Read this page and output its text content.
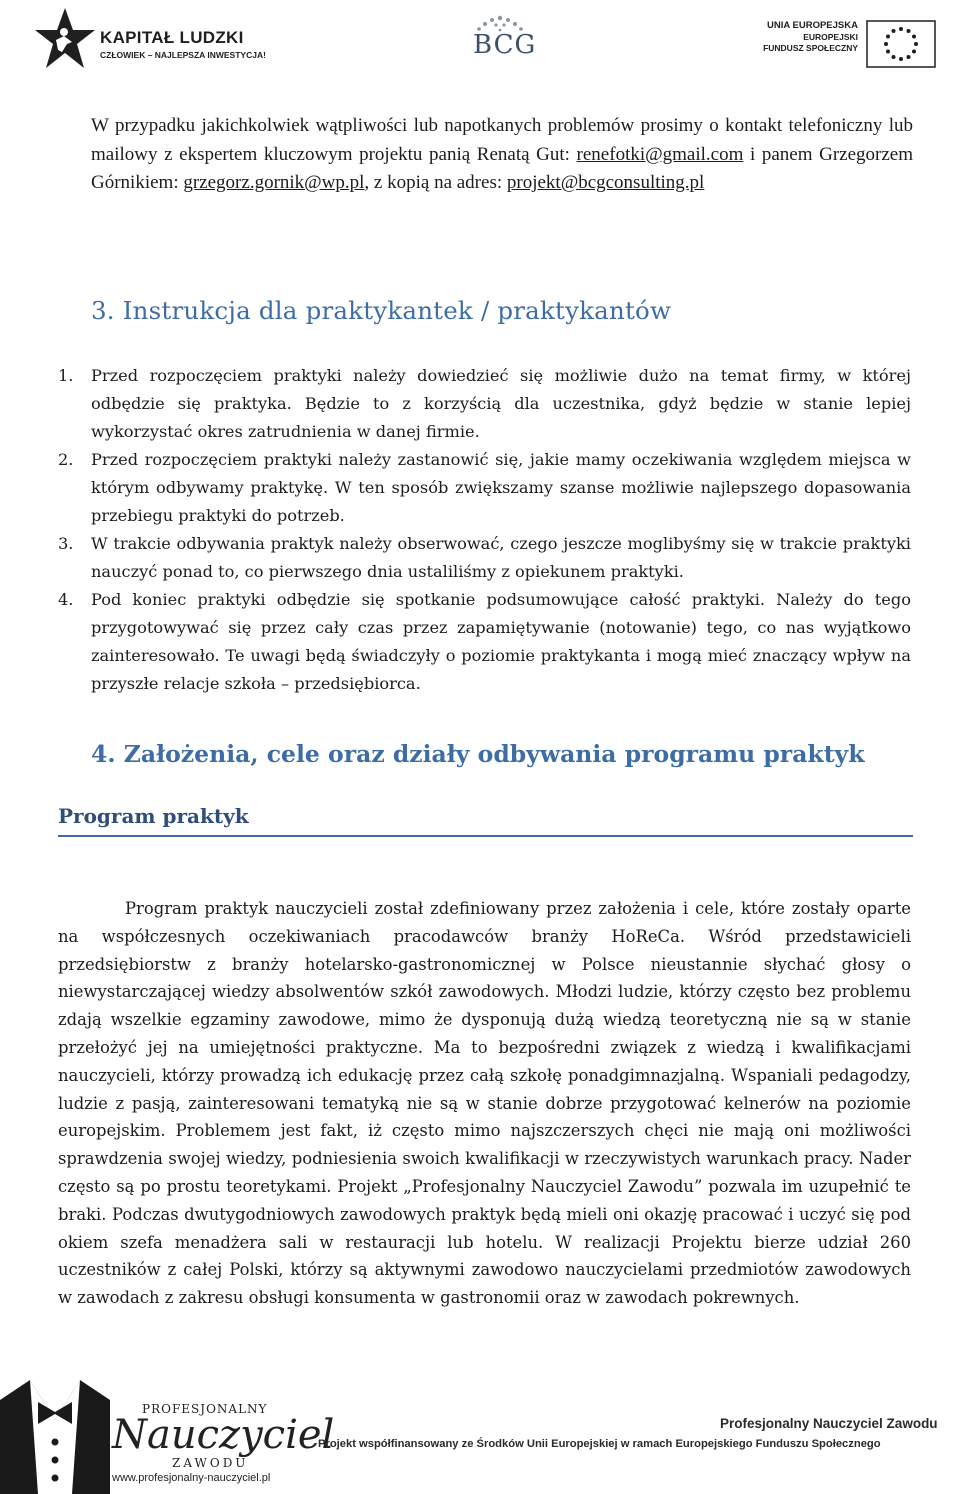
KAPITAŁ LUDZKI
CZŁOWIEK – NAJLEPSZA INWESTYCJA!	BCG
UNIA EUROPEJSKA
EUROPEJSKI
FUNDUSZ SPOŁECZNY

W przypadku jakichkolwiek wątpliwości lub napotkanych problemów prosimy o kontakt telefoniczny lub mailowy z ekspertem kluczowym projektu panią Renatą Gut: renefotki@gmail.com i panem Grzegorzem Górnikiem: grzegorz.gornik@wp.pl, z kopią na adres: projekt@bcgconsulting.pl

3. Instrukcja dla praktykantek / praktykantów
1. Przed rozpoczęciem praktyki należy dowiedzieć się możliwie dużo na temat firmy, w której odbędzie się praktyka. Będzie to z korzyścią dla uczestnika, gdyż będzie w stanie lepiej wykorzystać okres zatrudnienia w danej firmie.
2. Przed rozpoczęciem praktyki należy zastanowić się, jakie mamy oczekiwania względem miejsca w którym odbywamy praktykę. W ten sposób zwiększamy szanse możliwie najlepszego dopasowania przebiegu praktyki do potrzeb.
3. W trakcie odbywania praktyk należy obserwować, czego jeszcze moglibyśmy się w trakcie praktyki nauczyć ponad to, co pierwszego dnia ustaliliśmy z opiekunem praktyki.
4. Pod koniec praktyki odbędzie się spotkanie podsumowujące całość praktyki. Należy do tego przygotowywać się przez cały czas przez zapamiętywanie (notowanie) tego, co nas wyjątkowo zainteresowało. Te uwagi będą świadczyły o poziomie praktykanta i mogą mieć znaczący wpływ na przyszłe relacje szkoła – przedsiębiorca.
4. Założenia, cele oraz działy odbywania programu praktyk
Program praktyk

Program praktyk nauczycieli został zdefiniowany przez założenia i cele, które zostały oparte na współczesnych oczekiwaniach pracodawców branży HoReCa. Wśród przedstawicieli przedsiębiorstw z branży hotelarsko-gastronomicznej w Polsce nieustannie słychać głosy o niewystarczającej wiedzy absolwentów szkół zawodowych. Młodzi ludzie, którzy często bez problemu zdają wszelkie egzaminy zawodowe, mimo że dysponują dużą wiedzą teoretyczną nie są w stanie przełożyć jej na umiejętności praktyczne. Ma to bezpośredni związek z wiedzą i kwalifikacjami nauczycieli, którzy prowadzą ich edukację przez całą szkołę ponadgimnazjalną. Wspaniali pedagodzy, ludzie z pasją, zainteresowani tematyką nie są w stanie dobrze przygotować kelnerów na poziomie europejskim. Problemem jest fakt, iż często mimo najszczerszych chęci nie mają oni możliwości sprawdzenia swojej wiedzy, podniesienia swoich kwalifikacji w rzeczywistych warunkach pracy. Nader często są po prostu teoretykami. Projekt „Profesjonalny Nauczyciel Zawodu” pozwala im uzupełnić te braki. Podczas dwutygodniowych zawodowych praktyk będą mieli oni okazję pracować i uczyć się pod okiem szefa menadżera sali w restauracji lub hotelu. W realizacji Projektu bierze udział 260 uczestników z całej Polski, którzy są aktywnymi zawodowo nauczycielami przedmiotów zawodowych w zawodach z zakresu obsługi konsumenta w gastronomii oraz w zawodach pokrewnych.

PROFESJONALNY
Nauczyciel
ZAWODU
www.profesjonalny-nauczyciel.pl
Profesjonalny Nauczyciel Zawodu
Projekt współfinansowany ze Środków Unii Europejskiej w ramach Europejskiego Funduszu Społecznego
